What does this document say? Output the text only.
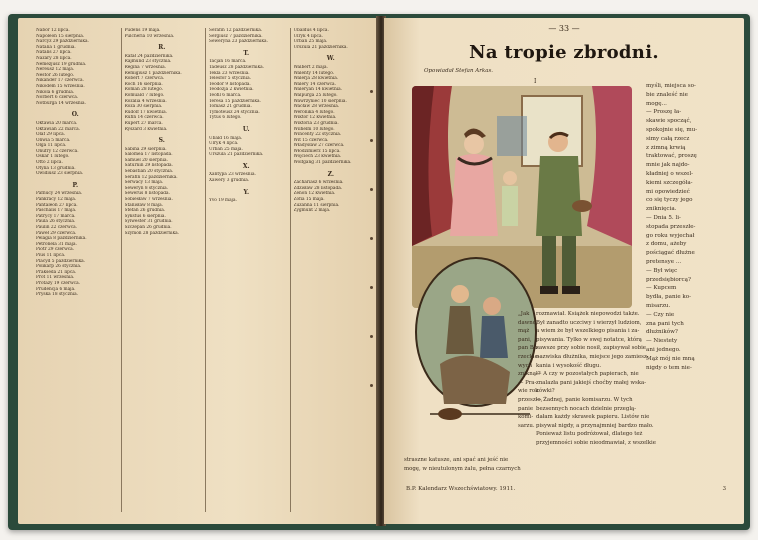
Nabor 12 lipca.
Napoleon 15 sierpnia.
Narcyz 29 października.
Natalia 1 grudnia.
Natalis 27 lipca.
Nazary 28 lipca.
Nemezjusz 19 grudnia.
Nereusz 12 maja.
Nestor 26 lutego.
Nikander 17 czerwca.
Nikodem 15 września.
Nikola 6 grudnia.
Norbert 6 czerwca.
Notburga 14 września.
O.
Oktawia 20 marca.
Oktawian 22 marca.
Olaf 29 lipca.
Oliwia 5 marca.
Olga 11 lipca.
Onufry 12 czerwca.
Oskar 1 lutego.
Otto 2 lipca.
Otylia 13 grudnia.
Owidiusz 23 sierpnia.
P.
Pafnucy 24 września.
Pankracy 12 maja.
Pantaleon 27 lipca.
Paschalis 17 maja.
Patrycy 17 marca.
Paula 26 stycznia.
Paulin 22 czerwca.
Paweł 29 czerwca.
Pelagia 8 października.
Petronela 31 maja.
Piotr 29 czerwca.
Pius 11 lipca.
Placyd 5 października.
Polikarp 26 stycznia.
Prakseda 21 lipca.
Prot 11 września.
Protazy 19 czerwca.
Prudencja 6 maja.
Pryska 18 stycznia.
Pudens 19 maja.
Pulcheria 10 września.
R.
Rafał 24 października.
Rajmund 23 stycznia.
Regina 7 września.
Remigiusz 1 października.
Robert 7 czerwca.
Roch 16 sierpnia.
Roman 28 lutego.
Romuald 7 lutego.
Rozalia 4 września.
Róża 30 sierpnia.
Rudolf 17 kwietnia.
Rufin 14 czerwca.
Rupert 27 marca.
Ryszard 3 kwietnia.
S.
Sabina 29 sierpnia.
Salomea 17 listopada.
Samuel 20 sierpnia.
Saturnin 29 listopada.
Sebastian 20 stycznia.
Serafin 12 października.
Serwacy 13 maja.
Seweryn 8 stycznia.
Sewerus 8 listopada.
Sobiesław 7 września.
Stanisław 8 maja.
Stefan 26 grudnia.
Sykstus 6 sierpnia.
Sylwester 31 grudnia.
Szczepan 26 grudnia.
Szymon 28 października.
Serafin 12 października.
Sergiusz 7 października.
Seweryna 23 października.
T.
Tacjan 16 marca.
Tadeusz 28 października.
Tekla 23 września.
Telesfor 5 stycznia.
Teodor 9 listopada.
Teodozja 2 kwietnia.
Teofil 6 marca.
Teresa 15 października.
Tomasz 21 grudnia.
Tymoteusz 24 stycznia.
Tytus 6 lutego.
U.
Ubald 16 maja.
Ulryk 4 lipca.
Urban 25 maja.
Urszula 21 października.
X.
Xantypa 23 września.
Xawery 3 grudnia.
Y.
Yvo 19 maja.
Ubaldus 4 lipca.
Ulryk 4 lipca.
Urban 25 maja.
Urszula 21 października.
W.
Walbert 2 maja.
Walenty 14 lutego.
Walerja 28 kwietnia.
Walery 14 czerwca.
Waleryan 14 kwietnia.
Walpurga 25 lutego.
Wawrzyniec 10 sierpnia.
Wacław 28 września.
Weronika 4 lutego.
Wiktor 12 kwietnia.
Wiktoria 23 grudnia.
Wilhelm 10 lutego.
Wincenty 22 stycznia.
Wit 15 czerwca.
Władysław 27 czerwca.
Włodzimierz 15 lipca.
Wojciech 23 kwietnia.
Wolfgang 31 października.
Z.
Zachariasz 6 września.
Zdzisław 28 listopada.
Zenon 12 kwietnia.
Zofia 15 maja.
Zuzanna 11 sierpnia.
Zygmunt 2 maja.
— 33 —
Na tropie zbrodni.
Opowiadał Stefan Arkas.
I
myśli, miejsca so-
bie znaleść nie
mogę...
— Proszę ła-
skawie spocząć,
spokojnie się, mu-
simy całą rzecz
z zimną krwią
traktować, proszę
mnie jak najdo-
kładniej o wszel-
kiemi szczegóła-
mi opowiedzieć
co się tyczy jego
zniknięcia.
— Dnia 5. li-
stopada przeszłe-
go roku wyjechał
z domu, ażeby
pościągać dłużne
pretensye ...
— Był więc
przedsiębiorcą?
— Kupcem
bydła, panie ko-
misarzu.
— Czy nie
zna pani tych
dłużników?
— Niestety
ani jednego.
Mąż mój nie mną
nigdy o tem nie-
„Jak
dawno,
mąż
pani,
pan Bo-
rzeckie-
wych
zniknął?
— Pra-
wie rok
przeszło,
panie
komi-
sarzu.
rozmawiał. Książek niepowodzi także.
Był zanadto uczciwy i wierzył ludziom,
a wiem że był wszelkiego pisania i za-
pisywania. Tylko w swej notatce, którą
zawsze przy sobie nosił, zapisywał sobie
nazwiska dłużnika, miejsce jego zamiesz-
kania i wysokość długu.
— A czy w pozostałych papierach, nie
znalazła pani jakiejś choćby małej wska-
zówki?
— Żadnej, panie komisarzu. W tych
bezsennych nocach dzielnie przeglą-
dałam każdy skrawek papieru. Listów nie
pisywał nigdy, a przynajmniej bardzo mało.
Ponieważ listu podróżował, dlatego też
przyjemności sobie nieodmawiał, z wszelkie
straszne katusze, ani spać ani jeść nie
mogę, w nieutulonym żalu, pełna czarnych
B.P. Kalendarz Wszechświatowy. 1911.	3
